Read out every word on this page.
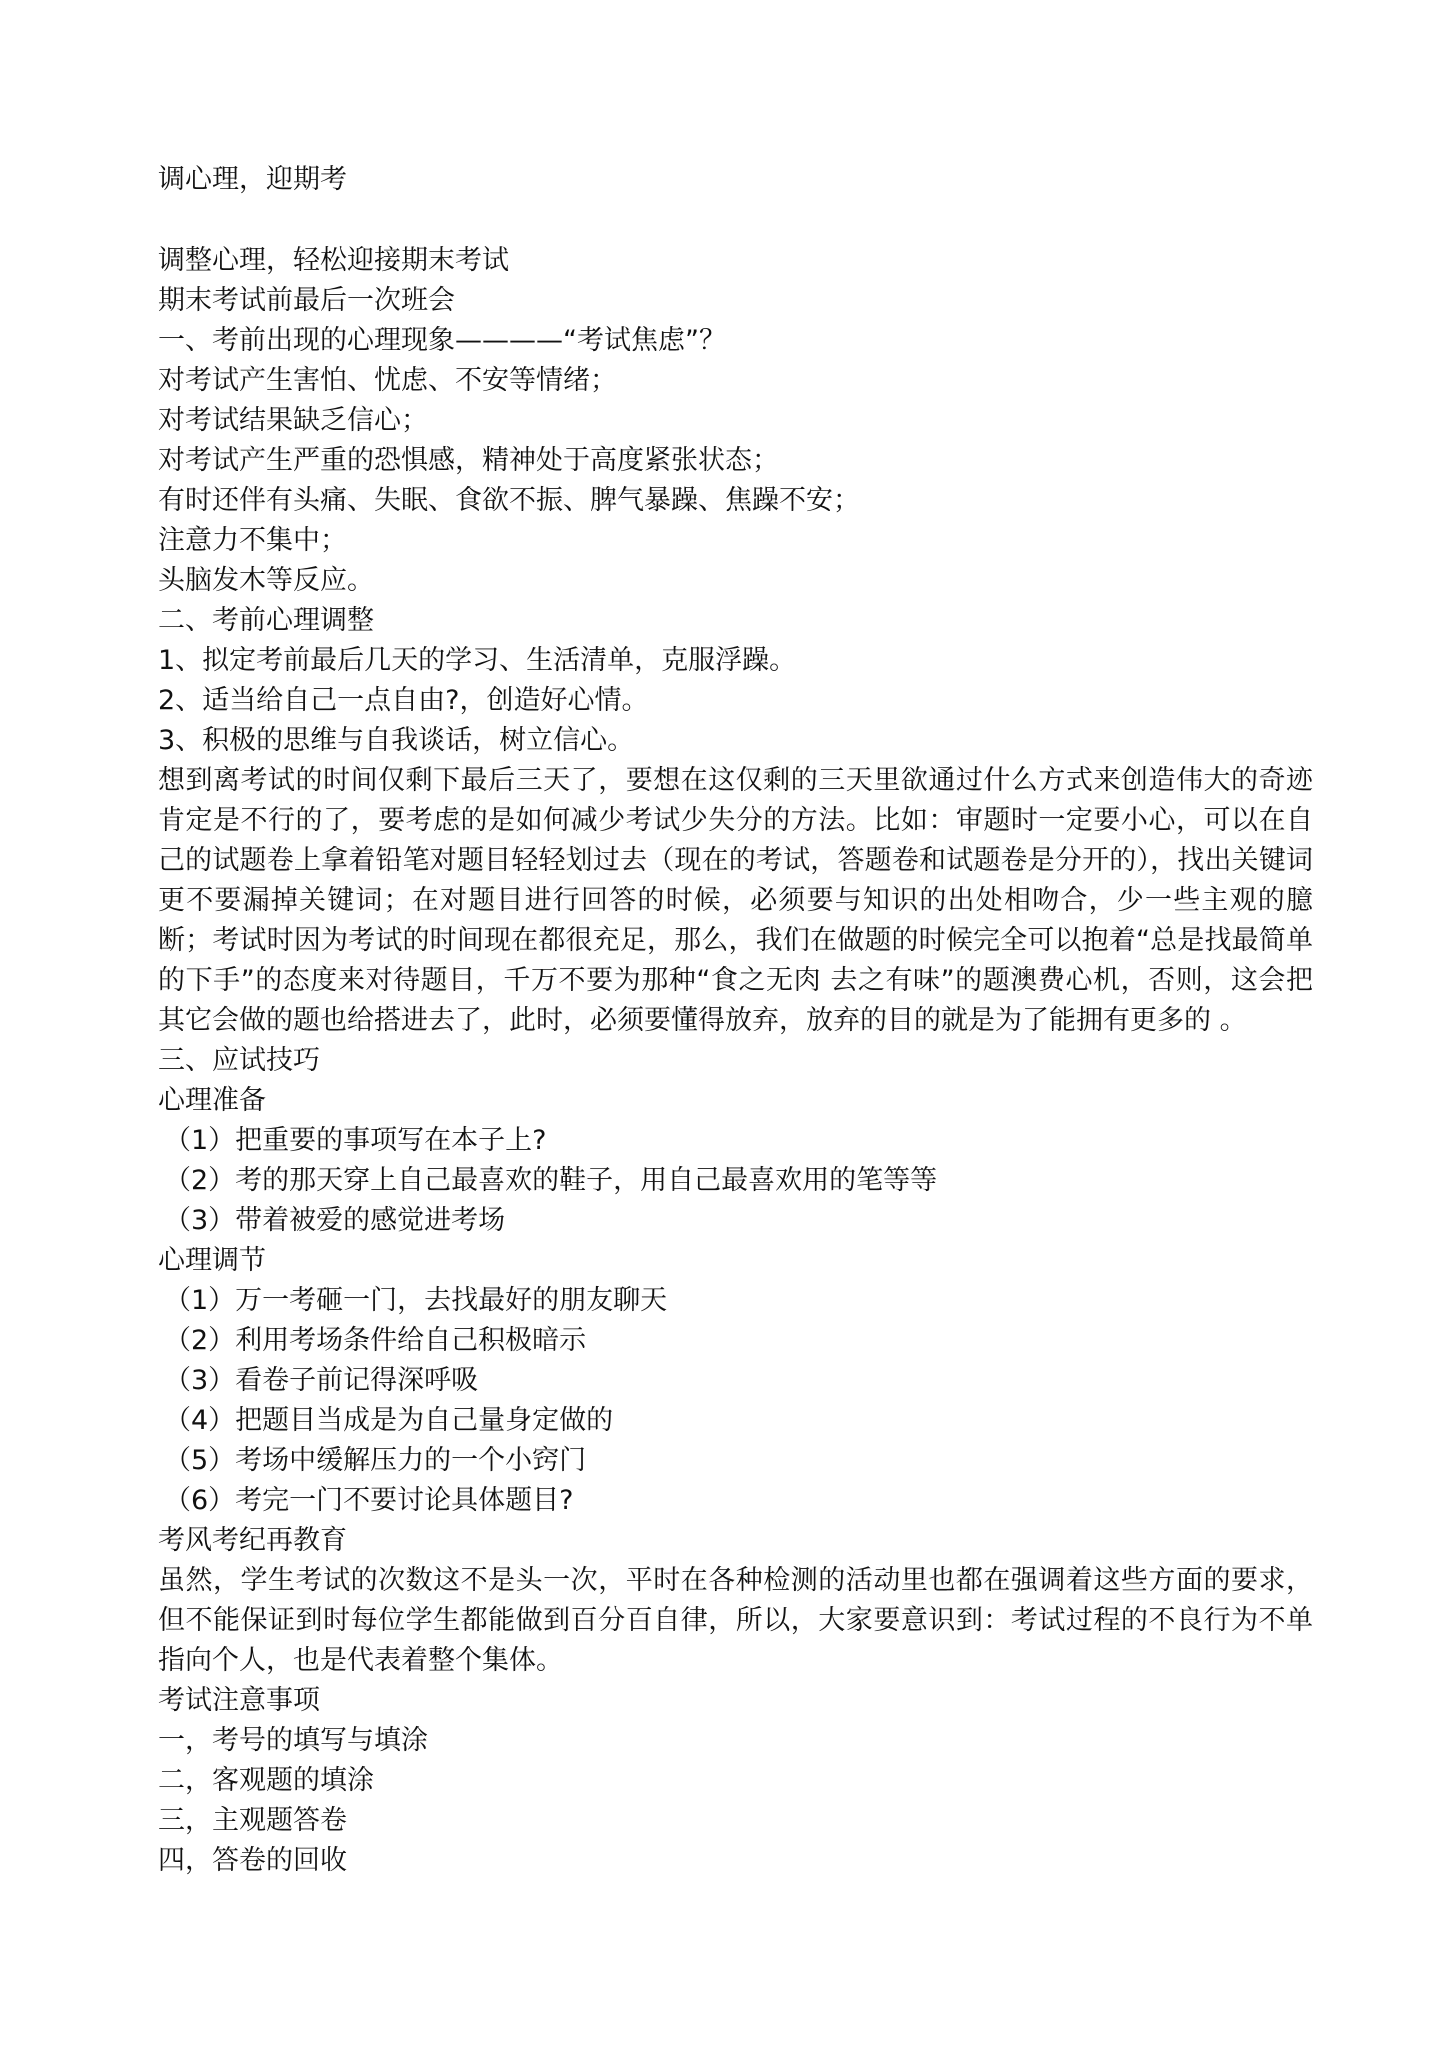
调心理，迎期考
调整心理，轻松迎接期末考试
期末考试前最后一次班会
一、考前出现的心理现象————“考试焦虑”？
对考试产生害怕、忧虑、不安等情绪；
对考试结果缺乏信心；
对考试产生严重的恐惧感，精神处于高度紧张状态；
有时还伴有头痛、失眠、食欲不振、脾气暴躁、焦躁不安；
注意力不集中；
头脑发木等反应。
二、考前心理调整
1、拟定考前最后几天的学习、生活清单，克服浮躁。
2、适当给自己一点自由?，创造好心情。
3、积极的思维与自我谈话，树立信心。
想到离考试的时间仅剩下最后三天了，要想在这仅剩的三天里欲通过什么方式来创造伟大的奇迹肯定是不行的了，要考虑的是如何减少考试少失分的方法。比如：审题时一定要小心，可以在自己的试题卷上拿着铅笔对题目轻轻划过去（现在的考试，答题卷和试题卷是分开的），找出关键词更不要漏掉关键词；在对题目进行回答的时候，必须要与知识的出处相吻合，少一些主观的臆断；考试时因为考试的时间现在都很充足，那么，我们在做题的时候完全可以抱着“总是找最简单的下手”的态度来对待题目，千万不要为那种“食之无肉 去之有味”的题澳费心机，否则，这会把其它会做的题也给搭进去了，此时，必须要懂得放弃，放弃的目的就是为了能拥有更多的 。
三、应试技巧
心理准备
（1）把重要的事项写在本子上?
（2）考的那天穿上自己最喜欢的鞋子，用自己最喜欢用的笔等等
（3）带着被爱的感觉进考场
心理调节
（1）万一考砸一门，去找最好的朋友聊天
（2）利用考场条件给自己积极暗示
（3）看卷子前记得深呼吸
（4）把题目当成是为自己量身定做的
（5）考场中缓解压力的一个小窍门
（6）考完一门不要讨论具体题目?
考风考纪再教育
虽然，学生考试的次数这不是头一次，平时在各种检测的活动里也都在强调着这些方面的要求，但不能保证到时每位学生都能做到百分百自律，所以，大家要意识到：考试过程的不良行为不单指向个人，也是代表着整个集体。
考试注意事项
一，考号的填写与填涂
二，客观题的填涂
三，主观题答卷
四，答卷的回收
